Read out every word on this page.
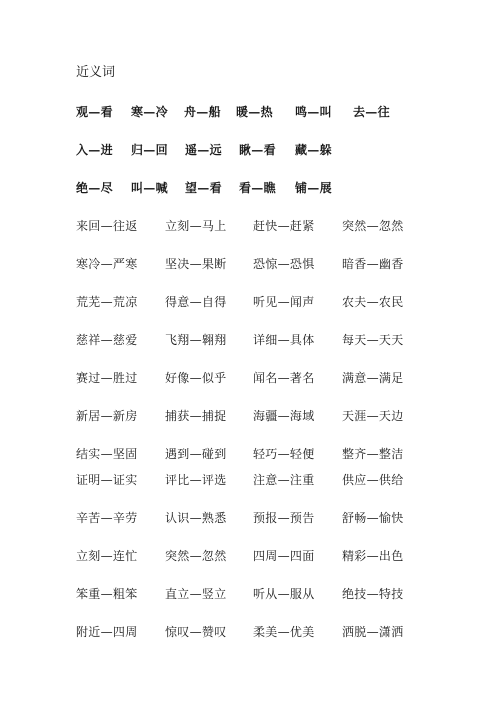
近义词
观—看 寒—冷 舟—船 暖—热 鸣—叫 去—往
入—进 归—回 遥—远 瞅—看 藏—躲
绝—尽 叫—喊 望—看 看—瞧 铺—展
来回—往返 立刻—马上 赶快—赶紧 突然—忽然
寒冷—严寒 坚决—果断 恐惊—恐惧 暗香—幽香
荒芜—荒凉 得意—自得 听见—闻声 农夫—农民
慈祥—慈爱 飞翔—翱翔 详细—具体 每天—天天
赛过—胜过 好像—似乎 闻名—著名 满意—满足
新居—新房 捕获—捕捉 海疆—海域 天涯—天边
结实—坚固 遇到—碰到 轻巧—轻便 整齐—整洁
证明—证实 评比—评选 注意—注重 供应—供给
辛苦—辛劳 认识—熟悉 预报—预告 舒畅—愉快
立刻—连忙 突然—忽然 四周—四面 精彩—出色
笨重—粗笨 直立—竖立 听从—服从 绝技—特技
附近—四周 惊叹—赞叹 柔美—优美 洒脱—潇洒
